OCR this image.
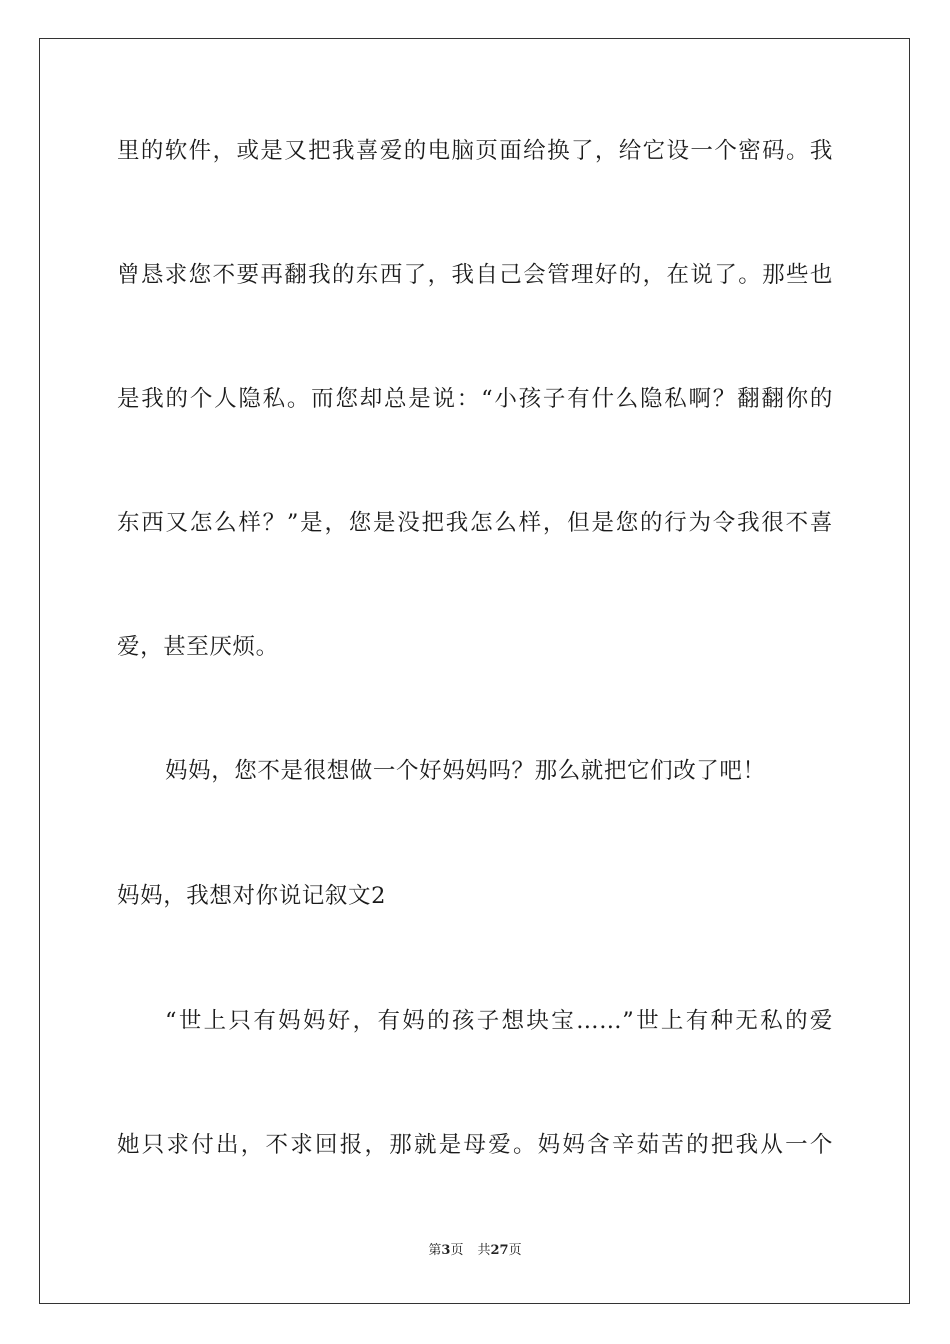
里的软件，或是又把我喜爱的电脑页面给换了，给它设一个密码。我
曾恳求您不要再翻我的东西了，我自己会管理好的，在说了。那些也
是我的个人隐私。而您却总是说：“小孩子有什么隐私啊？翻翻你的
东西又怎么样？”是，您是没把我怎么样，但是您的行为令我很不喜
爱，甚至厌烦。
妈妈，您不是很想做一个好妈妈吗？那么就把它们改了吧！
妈妈，我想对你说记叙文2
“世上只有妈妈好，有妈的孩子想块宝……”世上有种无私的爱
她只求付出，不求回报，那就是母爱。妈妈含辛茹苦的把我从一个
第3页 共27页
